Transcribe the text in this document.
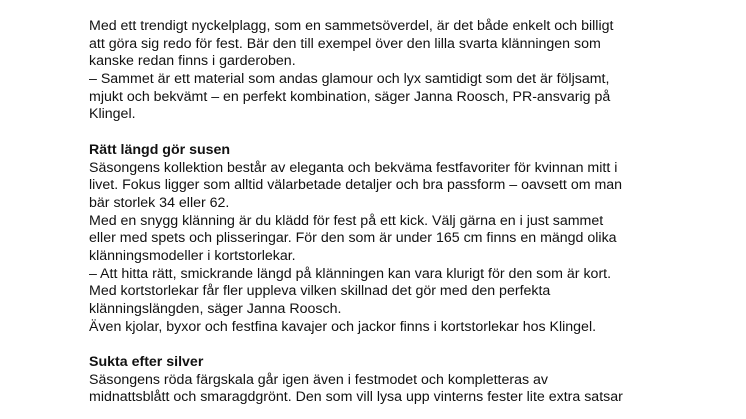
Med ett trendigt nyckelplagg, som en sammetsöverdel, är det både enkelt och billigt
att göra sig redo för fest. Bär den till exempel över den lilla svarta klänningen som
kanske redan finns i garderoben.
– Sammet är ett material som andas glamour och lyx samtidigt som det är följsamt,
mjukt och bekvämt – en perfekt kombination, säger Janna Roosch, PR-ansvarig på
Klingel.
Rätt längd gör susen
Säsongens kollektion består av eleganta och bekväma festfavoriter för kvinnan mitt i
livet. Fokus ligger som alltid välarbetade detaljer och bra passform – oavsett om man
bär storlek 34 eller 62.
Med en snygg klänning är du klädd för fest på ett kick. Välj gärna en i just sammet
eller med spets och plisseringar. För den som är under 165 cm finns en mängd olika
klänningsmodeller i kortstorlekar.
– Att hitta rätt, smickrande längd på klänningen kan vara klurigt för den som är kort.
Med kortstorlekar får fler uppleva vilken skillnad det gör med den perfekta
klänningslängden, säger Janna Roosch.
Även kjolar, byxor och festfina kavajer och jackor finns i kortstorlekar hos Klingel.
Sukta efter silver
Säsongens röda färgskala går igen även i festmodet och kompletteras av
midnattsblått och smaragdgrönt. Den som vill lysa upp vinterns fester lite extra satsar
